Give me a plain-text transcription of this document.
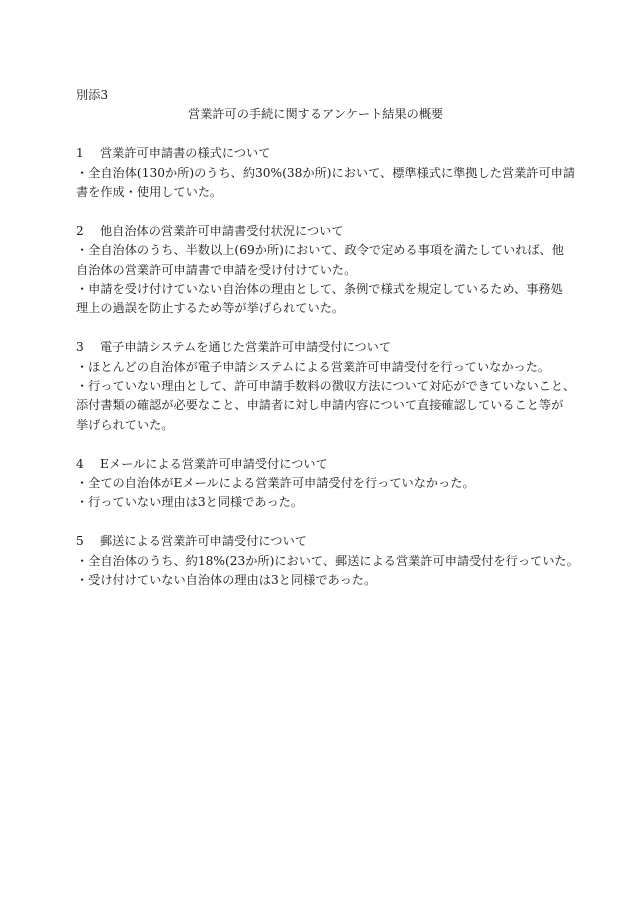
別添3

営業許可の手続に関するアンケート結果の概要

1 営業許可申請書の様式について

・全自治体(130か所)のうち、約30%(38か所)において、標準様式に準拠した営業許可申請

書を作成・使用していた。

2 他自治体の営業許可申請書受付状況について

・全自治体のうち、半数以上(69か所)において、政令で定める事項を満たしていれば、他

自治体の営業許可申請書で申請を受け付けていた。

・申請を受け付けていない自治体の理由として、条例で様式を規定しているため、事務処

理上の過誤を防止するため等が挙げられていた。

3 電子申請システムを通じた営業許可申請受付について

・ほとんどの自治体が電子申請システムによる営業許可申請受付を行っていなかった。

・行っていない理由として、許可申請手数料の徴収方法について対応ができていないこと、

添付書類の確認が必要なこと、申請者に対し申請内容について直接確認していること等が

挙げられていた。

4 Eメールによる営業許可申請受付について

・全ての自治体がEメールによる営業許可申請受付を行っていなかった。

・行っていない理由は3と同様であった。

5 郵送による営業許可申請受付について

・全自治体のうち、約18%(23か所)において、郵送による営業許可申請受付を行っていた。

・受け付けていない自治体の理由は3と同様であった。
